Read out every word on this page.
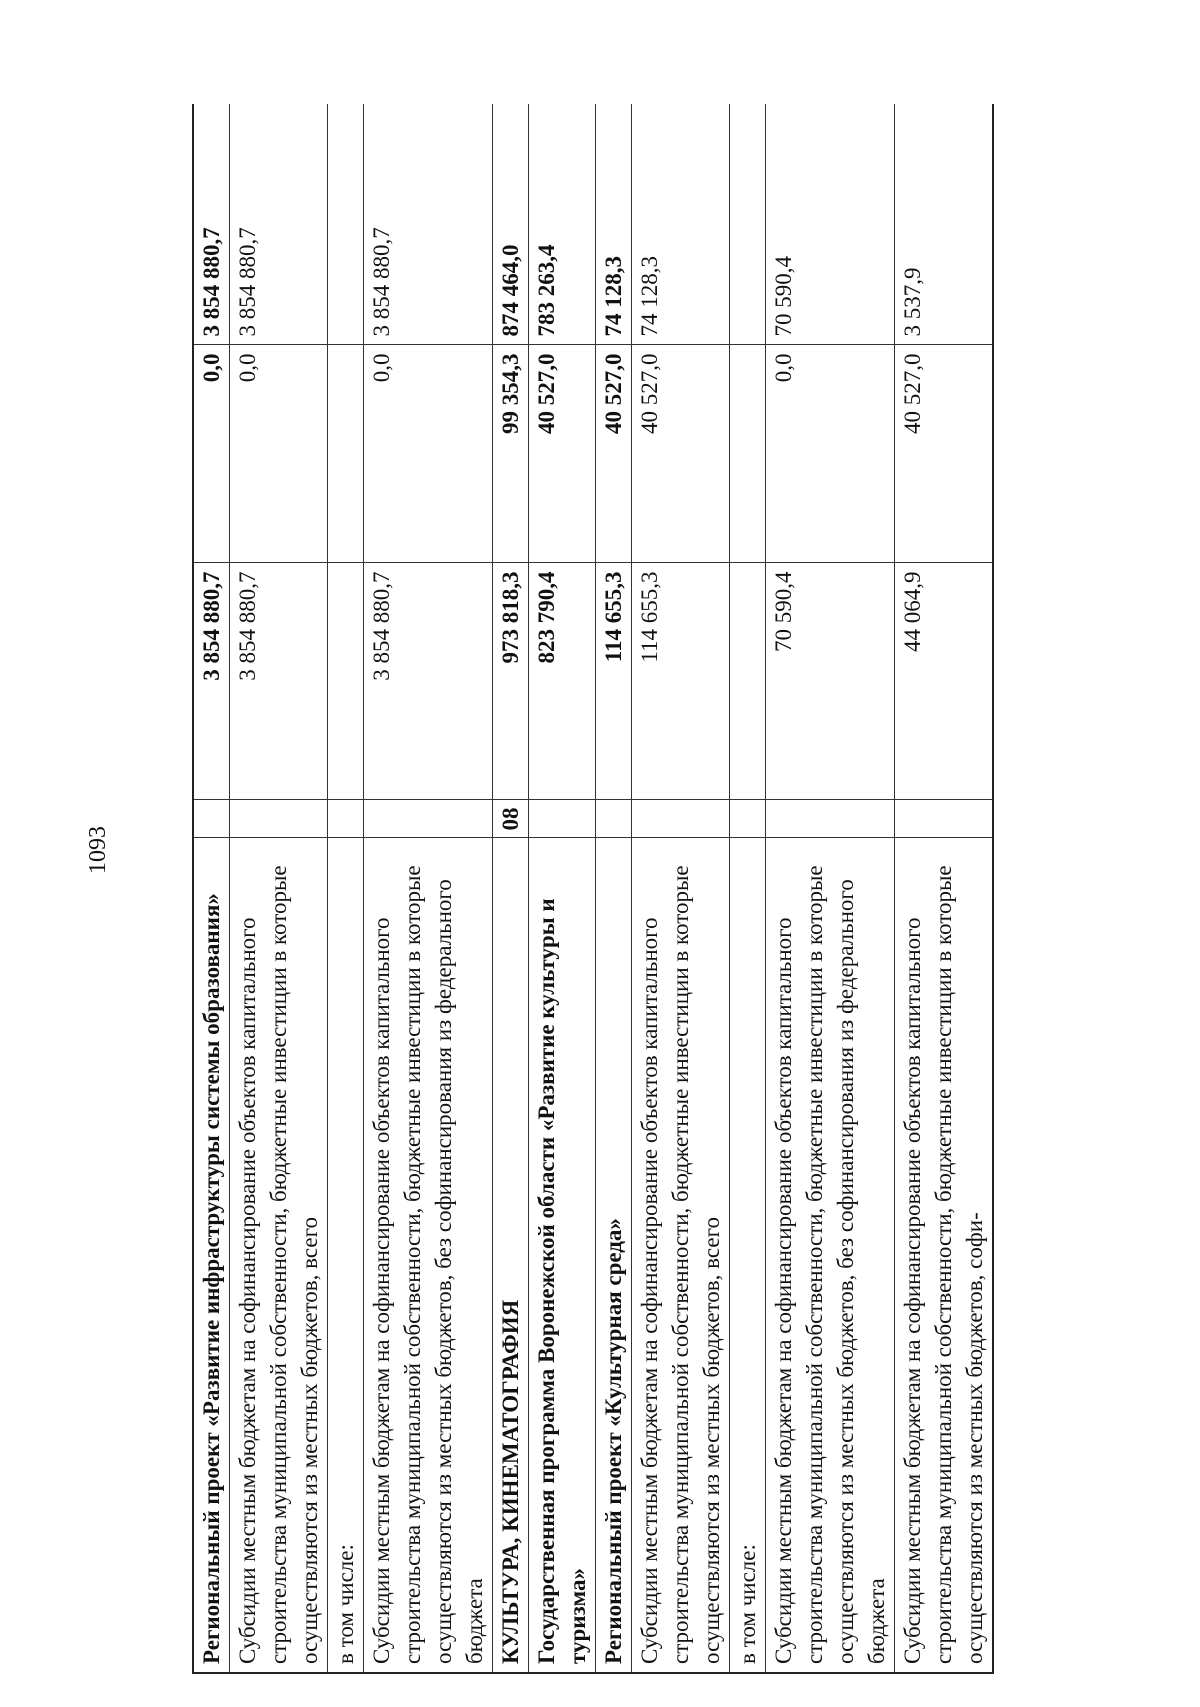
1093
Региональный проект «Развитие инфраструктуры системы образования»		3 854 880,7	0,0	3 854 880,7
Субсидии местным бюджетам на софинансирование объектов капитального строительства муниципальной собственности, бюджетные инвестиции в которые осуществляются из местных бюджетов, всего		3 854 880,7	0,0	3 854 880,7
в том числе:				
Субсидии местным бюджетам на софинансирование объектов капитального строительства муниципальной собственности, бюджетные инвестиции в которые осуществляются из местных бюджетов, без софинансирования из федерального бюджета		3 854 880,7	0,0	3 854 880,7
КУЛЬТУРА, КИНЕМАТОГРАФИЯ	08	973 818,3	99 354,3	874 464,0
Государственная программа Воронежской области «Развитие культуры и туризма»		823 790,4	40 527,0	783 263,4
Региональный проект «Культурная среда»		114 655,3	40 527,0	74 128,3
Субсидии местным бюджетам на софинансирование объектов капитального строительства муниципальной собственности, бюджетные инвестиции в которые осуществляются из местных бюджетов, всего		114 655,3	40 527,0	74 128,3
в том числе:				
Субсидии местным бюджетам на софинансирование объектов капитального строительства муниципальной собственности, бюджетные инвестиции в которые осуществляются из местных бюджетов, без софинансирования из федерального бюджета		70 590,4	0,0	70 590,4
Субсидии местным бюджетам на софинансирование объектов капитального строительства муниципальной собственности, бюджетные инвестиции в которые осуществляются из местных бюджетов, софи-		44 064,9	40 527,0	3 537,9
